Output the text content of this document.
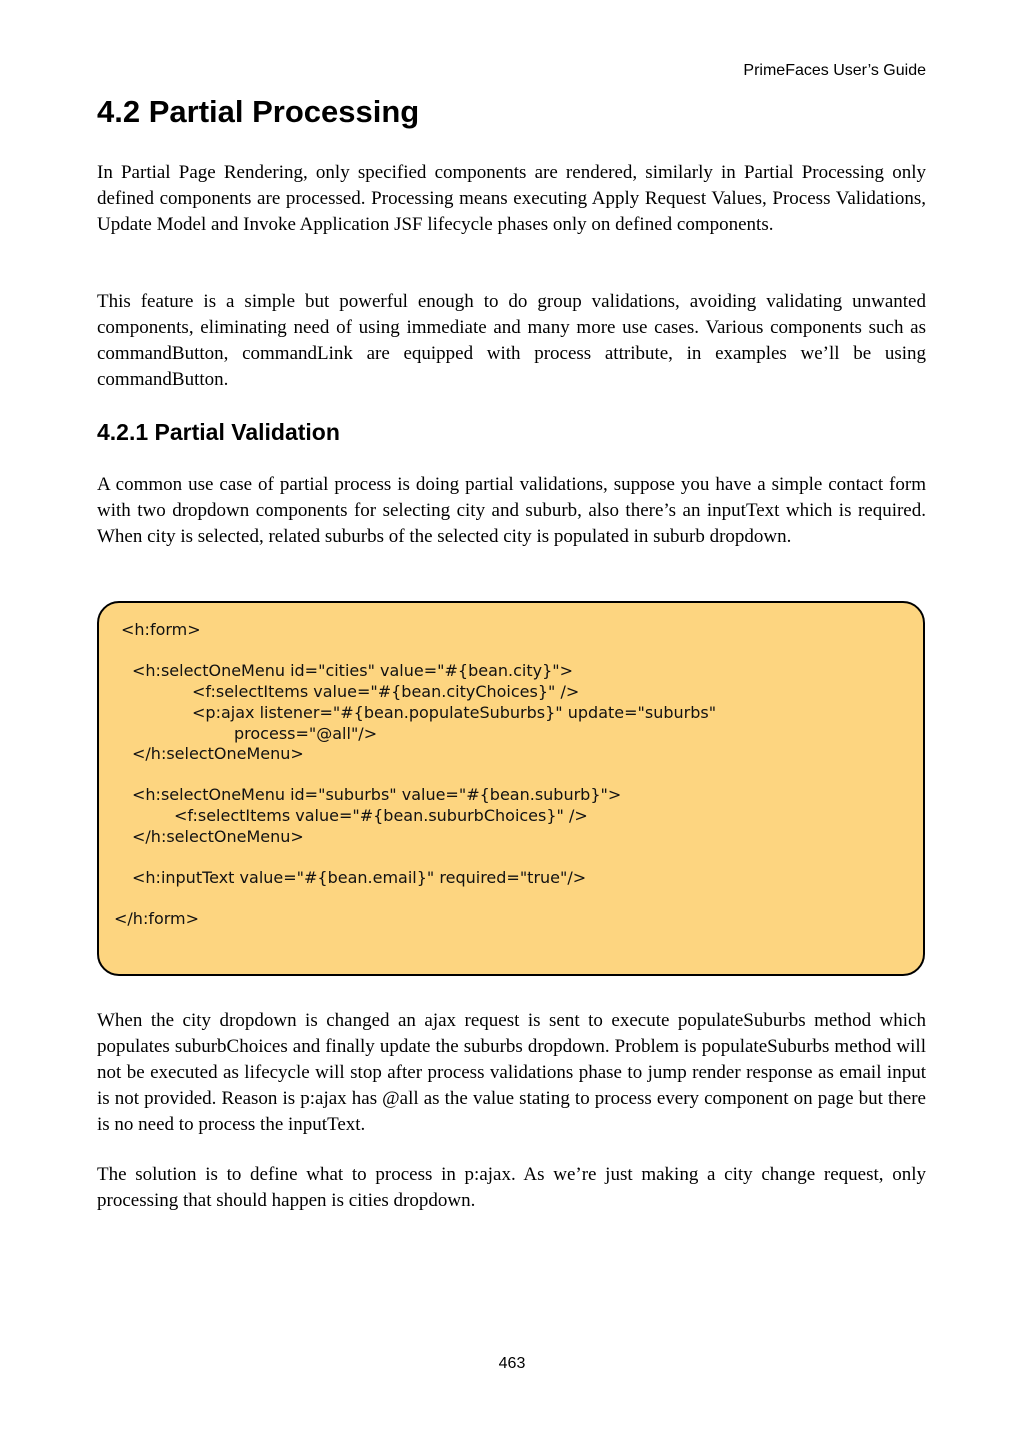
PrimeFaces User’s Guide
4.2 Partial Processing

In Partial Page Rendering, only specified components are rendered, similarly in Partial Processing only defined components are processed. Processing means executing Apply Request Values, Process Validations, Update Model and Invoke Application JSF lifecycle phases only on defined components.

This feature is a simple but powerful enough to do group validations, avoiding validating unwanted components, eliminating need of using immediate and many more use cases. Various components such as commandButton, commandLink are equipped with process attribute, in examples we’ll be using commandButton.

4.2.1 Partial Validation

A common use case of partial process is doing partial validations, suppose you have a simple contact form with two dropdown components for selecting city and suburb, also there’s an inputText which is required. When city is selected, related suburbs of the selected city is populated in suburb dropdown.

<h:form>
<h:selectOneMenu id="cities" value="#{bean.city}">
<f:selectItems value="#{bean.cityChoices}" />
<p:ajax listener="#{bean.populateSuburbs}" update="suburbs"
process="@all"/>
</h:selectOneMenu>
<h:selectOneMenu id="suburbs" value="#{bean.suburb}">
<f:selectItems value="#{bean.suburbChoices}" />
</h:selectOneMenu>
<h:inputText value="#{bean.email}" required="true"/>
</h:form>

When the city dropdown is changed an ajax request is sent to execute populateSuburbs method which populates suburbChoices and finally update the suburbs dropdown. Problem is populateSuburbs method will not be executed as lifecycle will stop after process validations phase to jump render response as email input is not provided. Reason is p:ajax has @all as the value stating to process every component on page but there is no need to process the inputText.

The solution is to define what to process in p:ajax. As we’re just making a city change request, only processing that should happen is cities dropdown.

463
